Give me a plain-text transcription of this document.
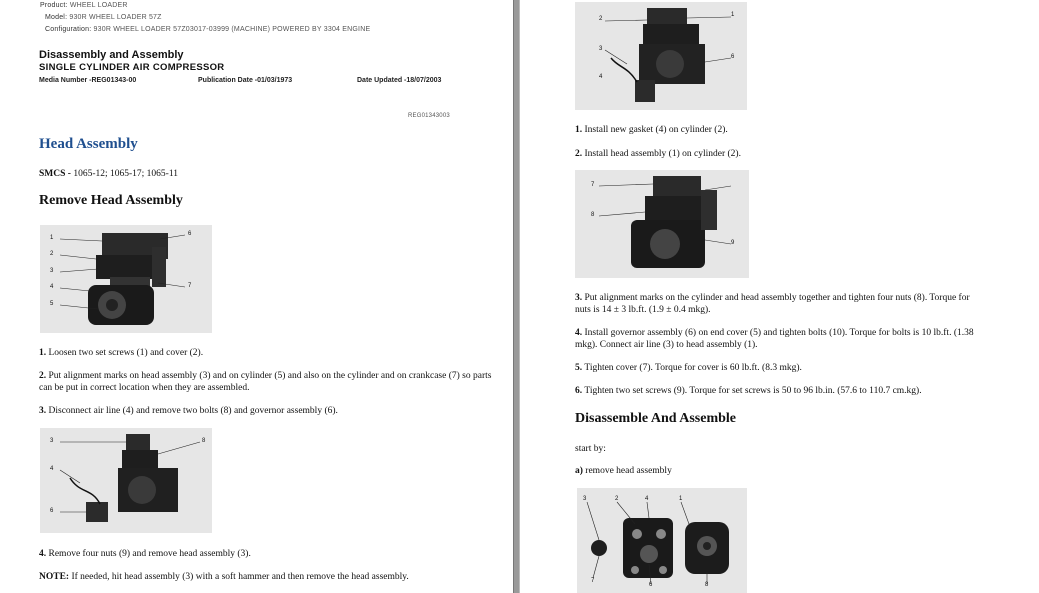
Product: WHEEL LOADER
Model: 930R WHEEL LOADER 57Z
Configuration: 930R WHEEL LOADER 57Z03017-03999 (MACHINE) POWERED BY 3304 ENGINE
Disassembly and Assembly
SINGLE CYLINDER AIR COMPRESSOR
Media Number -REG01343-00	Publication Date -01/03/1973	Date Updated -18/07/2003
REG01343003
Head Assembly
SMCS - 1065-12; 1065-17; 1065-11
Remove Head Assembly
1
2
3
4
5
6
7
1. Loosen two set screws (1) and cover (2).
2. Put alignment marks on head assembly (3) and on cylinder (5) and also on the cylinder and on crankcase (7) so parts can be put in correct location when they are assembled.
3. Disconnect air line (4) and remove two bolts (8) and governor assembly (6).
3
4
8
6
4. Remove four nuts (9) and remove head assembly (3).
NOTE: If needed, hit head assembly (3) with a soft hammer and then remove the head assembly.
2
3
4
1
6
1. Install new gasket (4) on cylinder (2).
2. Install head assembly (1) on cylinder (2).
7
8
9
3. Put alignment marks on the cylinder and head assembly together and tighten four nuts (8). Torque for nuts is 14 ± 3 lb.ft. (1.9 ± 0.4 mkg).
4. Install governor assembly (6) on end cover (5) and tighten bolts (10). Torque for bolts is 10 lb.ft. (1.38 mkg). Connect air line (3) to head assembly (1).
5. Tighten cover (7). Torque for cover is 60 lb.ft. (8.3 mkg).
6. Tighten two set screws (9). Torque for set screws is 50 to 96 lb.in. (57.6 to 110.7 cm.kg).
Disassemble And Assemble
start by:
a) remove head assembly
3	2	4	1
7
6	8
